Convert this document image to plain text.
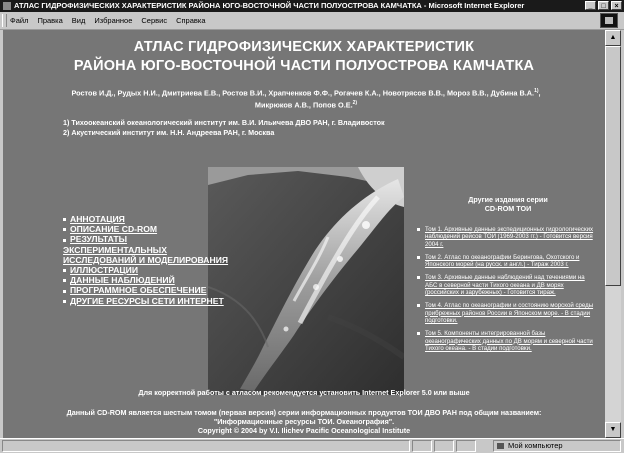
АТЛАС ГИДРОФИЗИЧЕСКИХ ХАРАКТЕРИСТИК РАЙОНА ЮГО-ВОСТОЧНОЙ ЧАСТИ ПОЛУОСТРОВА КАМЧАТКА - Microsoft Internet Explorer	_	□	×
Файл Правка Вид Избранное Сервис Справка
АТЛАС ГИДРОФИЗИЧЕСКИХ ХАРАКТЕРИСТИК
РАЙОНА ЮГО-ВОСТОЧНОЙ ЧАСТИ ПОЛУОСТРОВА КАМЧАТКА
Ростов И.Д., Рудых Н.И., Дмитриева Е.В., Ростов В.И., Храпченков Ф.Ф., Рогачев К.А., Новотрясов В.В., Мороз В.В., Дубина В.А.$^{1)}$,
Микрюков А.В., Попов О.Е.$^{2)}$
1) Тихоокеанский океанологический институт им. В.И. Ильичева ДВО РАН, г. Владивосток
2) Акустический институт им. Н.Н. Андреева РАН, г. Москва
АННОТАЦИЯ
ОПИСАНИЕ CD-ROM
РЕЗУЛЬТАТЫ ЭКСПЕРИМЕНТАЛЬНЫХ ИССЛЕДОВАНИЙ И МОДЕЛИРОВАНИЯ
ИЛЛЮСТРАЦИИ
ДАННЫЕ НАБЛЮДЕНИЙ
ПРОГРАММНОЕ ОБЕСПЕЧЕНИЕ
ДРУГИЕ РЕСУРСЫ СЕТИ ИНТЕРНЕТ
Другие издания серии
CD-ROM ТОИ
Том 1. Архивные данные экспедиционных гидрологических наблюдений рейсов ТОИ (1969-2003 гг.) - Готовится версия 2004 г.
Том 2. Атлас по океанографии Берингова, Охотского и Японского морей (на русск. и англ.) - Тираж 2003 г.
Том 3. Архивные данные наблюдений над течениями на АБС в северной части Тихого океана и ДВ морях (российских и зарубежных) - Готовится тираж.
Том 4. Атлас по океанографии и состоянию морской среды прибрежных районов России в Японском море. - В стадии подготовки.
Том 5. Компоненты интегрированной базы океанографических данных по ДВ морям и северной части Тихого океана. - В стадии подготовки.
Для корректной работы с атласом рекомендуется установить Internet Explorer 5.0 или выше
Данный CD-ROM является шестым томом (первая версия) серии информационных продуктов ТОИ ДВО РАН под общим названием:
"Информационные ресурсы ТОИ. Океанография".
Copyright © 2004 by V.I. Ilichev Pacific Oceanological Institute
▲
▼
Мой компьютер
